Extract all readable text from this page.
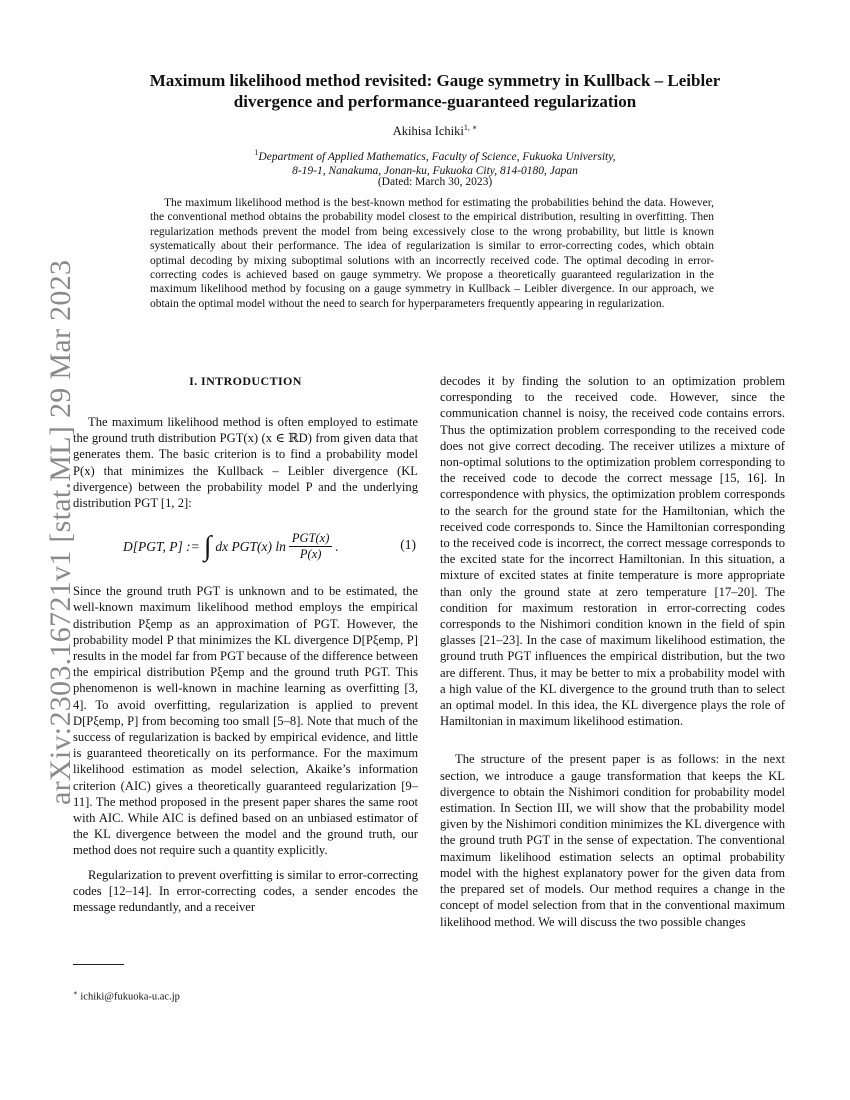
arXiv:2303.16721v1 [stat.ML] 29 Mar 2023
Maximum likelihood method revisited: Gauge symmetry in Kullback – Leibler
divergence and performance-guaranteed regularization
Akihisa Ichiki$^{1, ∗}$
$^1$Department of Applied Mathematics, Faculty of Science, Fukuoka University,
8-19-1, Nanakuma, Jonan-ku, Fukuoka City, 814-0180, Japan
(Dated: March 30, 2023)
The maximum likelihood method is the best-known method for estimating the probabilities behind the data. However, the conventional method obtains the probability model closest to the empirical distribution, resulting in overfitting. Then regularization methods prevent the model from being excessively close to the wrong probability, but little is known systematically about their performance. The idea of regularization is similar to error-correcting codes, which obtain optimal decoding by mixing suboptimal solutions with an incorrectly received code. The optimal decoding in error-correcting codes is achieved based on gauge symmetry. We propose a theoretically guaranteed regularization in the maximum likelihood method by focusing on a gauge symmetry in Kullback – Leibler divergence. In our approach, we obtain the optimal model without the need to search for hyperparameters frequently appearing in regularization.
I. INTRODUCTION

The maximum likelihood method is often employed to estimate the ground truth distribution PGT(x) (x ∈ ℝD) from given data that generates them. The basic criterion is to find a probability model P(x) that minimizes the Kullback – Leibler divergence (KL divergence) between the probability model P and the underlying distribution PGT [1, 2]:

D[PGT, P] := ∫ dx PGT(x) $\ln \frac{\text{PGT(x)}}{P(x)}$ .	(1)

Since the ground truth PGT is unknown and to be estimated, the well-known maximum likelihood method employs the empirical distribution Pξemp as an approximation of PGT. However, the probability model P that minimizes the KL divergence D[Pξemp, P] results in the model far from PGT because of the difference between the empirical distribution Pξemp and the ground truth PGT. This phenomenon is well-known in machine learning as overfitting [3, 4]. To avoid overfitting, regularization is applied to prevent D[Pξemp, P] from becoming too small [5–8]. Note that much of the success of regularization is backed by empirical evidence, and little is guaranteed theoretically on its performance. For the maximum likelihood estimation as model selection, Akaike’s information criterion (AIC) gives a theoretically guaranteed regularization [9–11]. The method proposed in the present paper shares the same root with AIC. While AIC is defined based on an unbiased estimator of the KL divergence between the model and the ground truth, our method does not require such a quantity explicitly.

Regularization to prevent overfitting is similar to error-correcting codes [12–14]. In error-correcting codes, a sender encodes the message redundantly, and a receiver

decodes it by finding the solution to an optimization problem corresponding to the received code. However, since the communication channel is noisy, the received code contains errors. Thus the optimization problem corresponding to the received code does not give correct decoding. The receiver utilizes a mixture of non-optimal solutions to the optimization problem corresponding to the received code to decode the correct message [15, 16]. In correspondence with physics, the optimization problem corresponds to the search for the ground state for the Hamiltonian, which the received code corresponds to. Since the Hamiltonian corresponding to the received code is incorrect, the correct message corresponds to the excited state for the incorrect Hamiltonian. In this situation, a mixture of excited states at finite temperature is more appropriate than only the ground state at zero temperature [17–20]. The condition for maximum restoration in error-correcting codes corresponds to the Nishimori condition known in the field of spin glasses [21–23]. In the case of maximum likelihood estimation, the ground truth PGT influences the empirical distribution, but the two are different. Thus, it may be better to mix a probability model with a high value of the KL divergence to the ground truth than to select an optimal model. In this idea, the KL divergence plays the role of Hamiltonian in maximum likelihood estimation.

The structure of the present paper is as follows: in the next section, we introduce a gauge transformation that keeps the KL divergence to obtain the Nishimori condition for probability model estimation. In Section III, we will show that the probability model given by the Nishimori condition minimizes the KL divergence with the ground truth PGT in the sense of expectation. The conventional maximum likelihood estimation selects an optimal probability model with the highest explanatory power for the given data from the prepared set of models. Our method requires a change in the concept of model selection from that in the conventional maximum likelihood method. We will discuss the two possible changes

∗ ichiki@fukuoka-u.ac.jp
